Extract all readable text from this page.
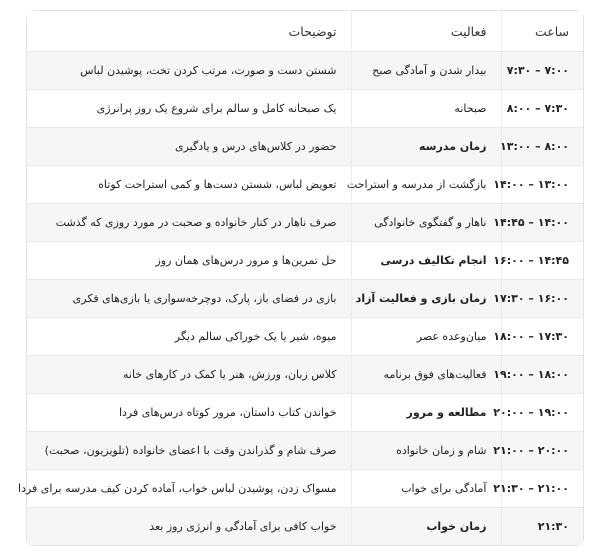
ساعت	فعالیت	توضیحات
۷:۰۰ – ۷:۳۰	بیدار شدن و آمادگی صبح	شستن دست و صورت، مرتب کردن تخت، پوشیدن لباس
۷:۳۰ – ۸:۰۰	صبحانه	یک صبحانه کامل و سالم برای شروع یک روز پرانرژی
۸:۰۰ – ۱۳:۰۰	زمان مدرسه	حضور در کلاس‌های درس و یادگیری
۱۳:۰۰ – ۱۴:۰۰	بازگشت از مدرسه و استراحت	تعویض لباس، شستن دست‌ها و کمی استراحت کوتاه
۱۴:۰۰ – ۱۴:۴۵	ناهار و گفتگوی خانوادگی	صرف ناهار در کنار خانواده و صحبت در مورد روزی که گذشت
۱۴:۴۵ – ۱۶:۰۰	انجام تکالیف درسی	حل تمرین‌ها و مرور درس‌های همان روز
۱۶:۰۰ – ۱۷:۳۰	زمان بازی و فعالیت آزاد	بازی در فضای باز، پارک، دوچرخه‌سواری یا بازی‌های فکری
۱۷:۳۰ – ۱۸:۰۰	میان‌وعده عصر	میوه، شیر یا یک خوراکی سالم دیگر
۱۸:۰۰ – ۱۹:۰۰	فعالیت‌های فوق برنامه	کلاس زبان، ورزش، هنر یا کمک در کارهای خانه
۱۹:۰۰ – ۲۰:۰۰	مطالعه و مرور	خواندن کتاب داستان، مرور کوتاه درس‌های فردا
۲۰:۰۰ – ۲۱:۰۰	شام و زمان خانواده	صرف شام و گذراندن وقت با اعضای خانواده (تلویزیون، صحبت)
۲۱:۰۰ – ۲۱:۳۰	آمادگی برای خواب	مسواک زدن، پوشیدن لباس خواب، آماده کردن کیف مدرسه برای فردا
۲۱:۳۰	زمان خواب	خواب کافی برای آمادگی و انرژی روز بعد
